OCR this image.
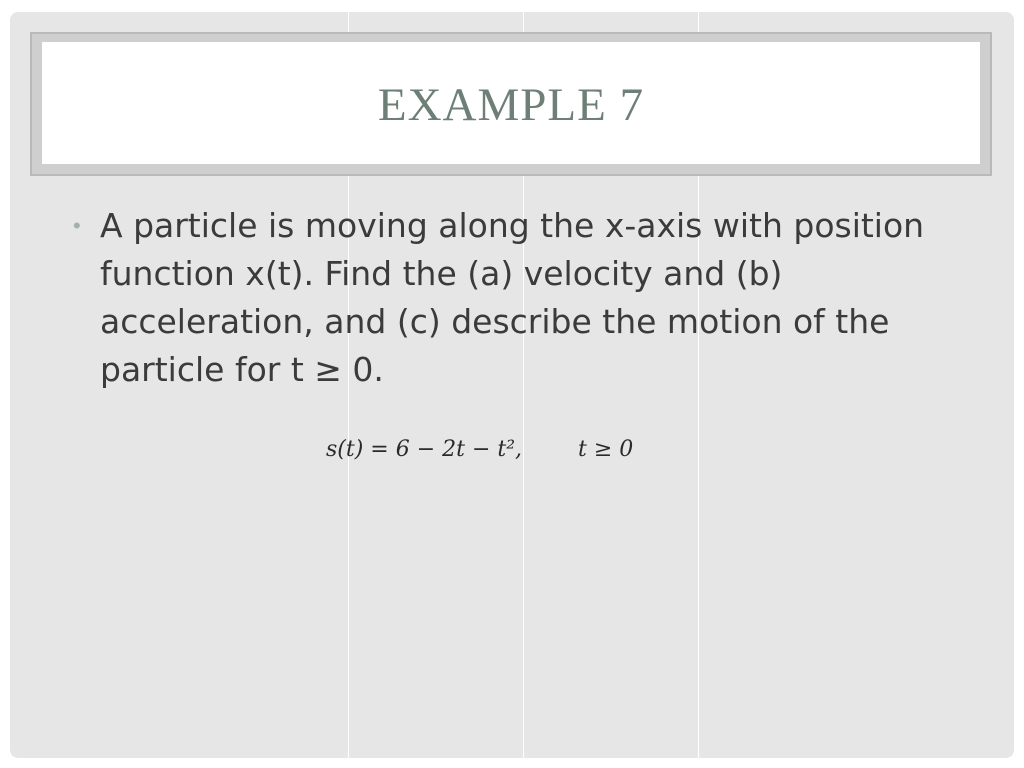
EXAMPLE 7
• A particle is moving along the x-axis with position function x(t). Find the (a) velocity and (b) acceleration, and (c) describe the motion of the particle for t ≥ 0.
s(t) = 6 − 2t − t²,	t ≥ 0
